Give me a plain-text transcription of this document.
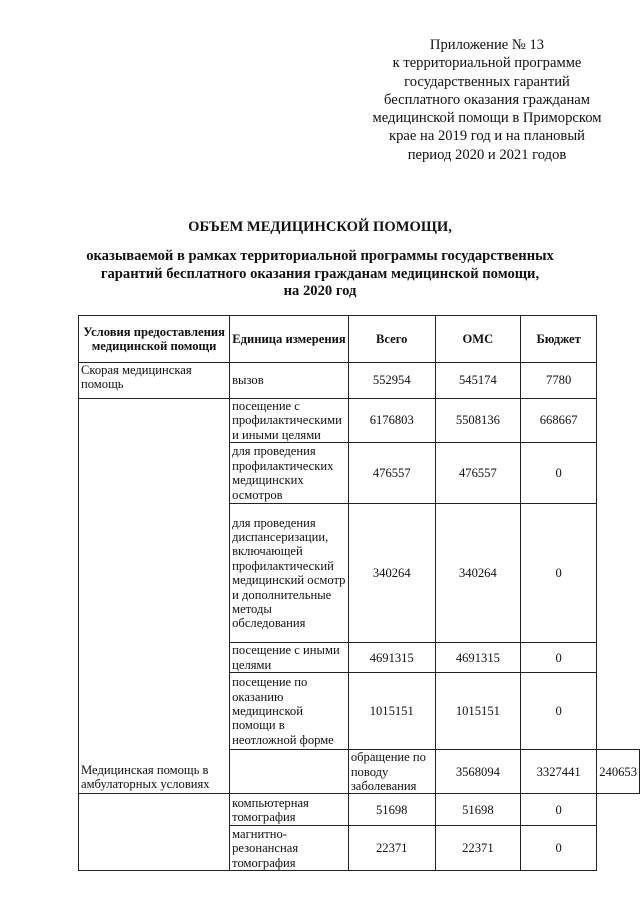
Приложение № 13
к территориальной программе
государственных гарантий
бесплатного оказания гражданам
медицинской помощи в Приморском
крае на 2019 год и на плановый
период 2020 и 2021 годов
ОБЪЕМ МЕДИЦИНСКОЙ ПОМОЩИ,
оказываемой в рамках территориальной программы государственных
гарантий бесплатного оказания гражданам медицинской помощи,
на 2020 год
Условия предоставления медицинской помощи	Единица измерения	Всего	ОМС	Бюджет	
Скорая медицинская помощь	вызов	552954	545174	7780	
Медицинская помощь в амбулаторных условиях	посещение с профилактическими и иными целями	6176803	5508136	668667	
	для проведения профилактических медицинских осмотров	476557	476557	0	
	для проведения диспансеризации, включающей профилактический медицинский осмотр и дополнительные методы обследования	340264	340264	0	
	посещение с иными целями	4691315	4691315	0	
	посещение по оказанию медицинской помощи в неотложной форме	1015151	1015151	0	
		обращение по поводу заболевания	3568094	3327441	240653
	компьютерная томография	51698	51698	0	
	магнитно-резонансная томография	22371	22371	0	
